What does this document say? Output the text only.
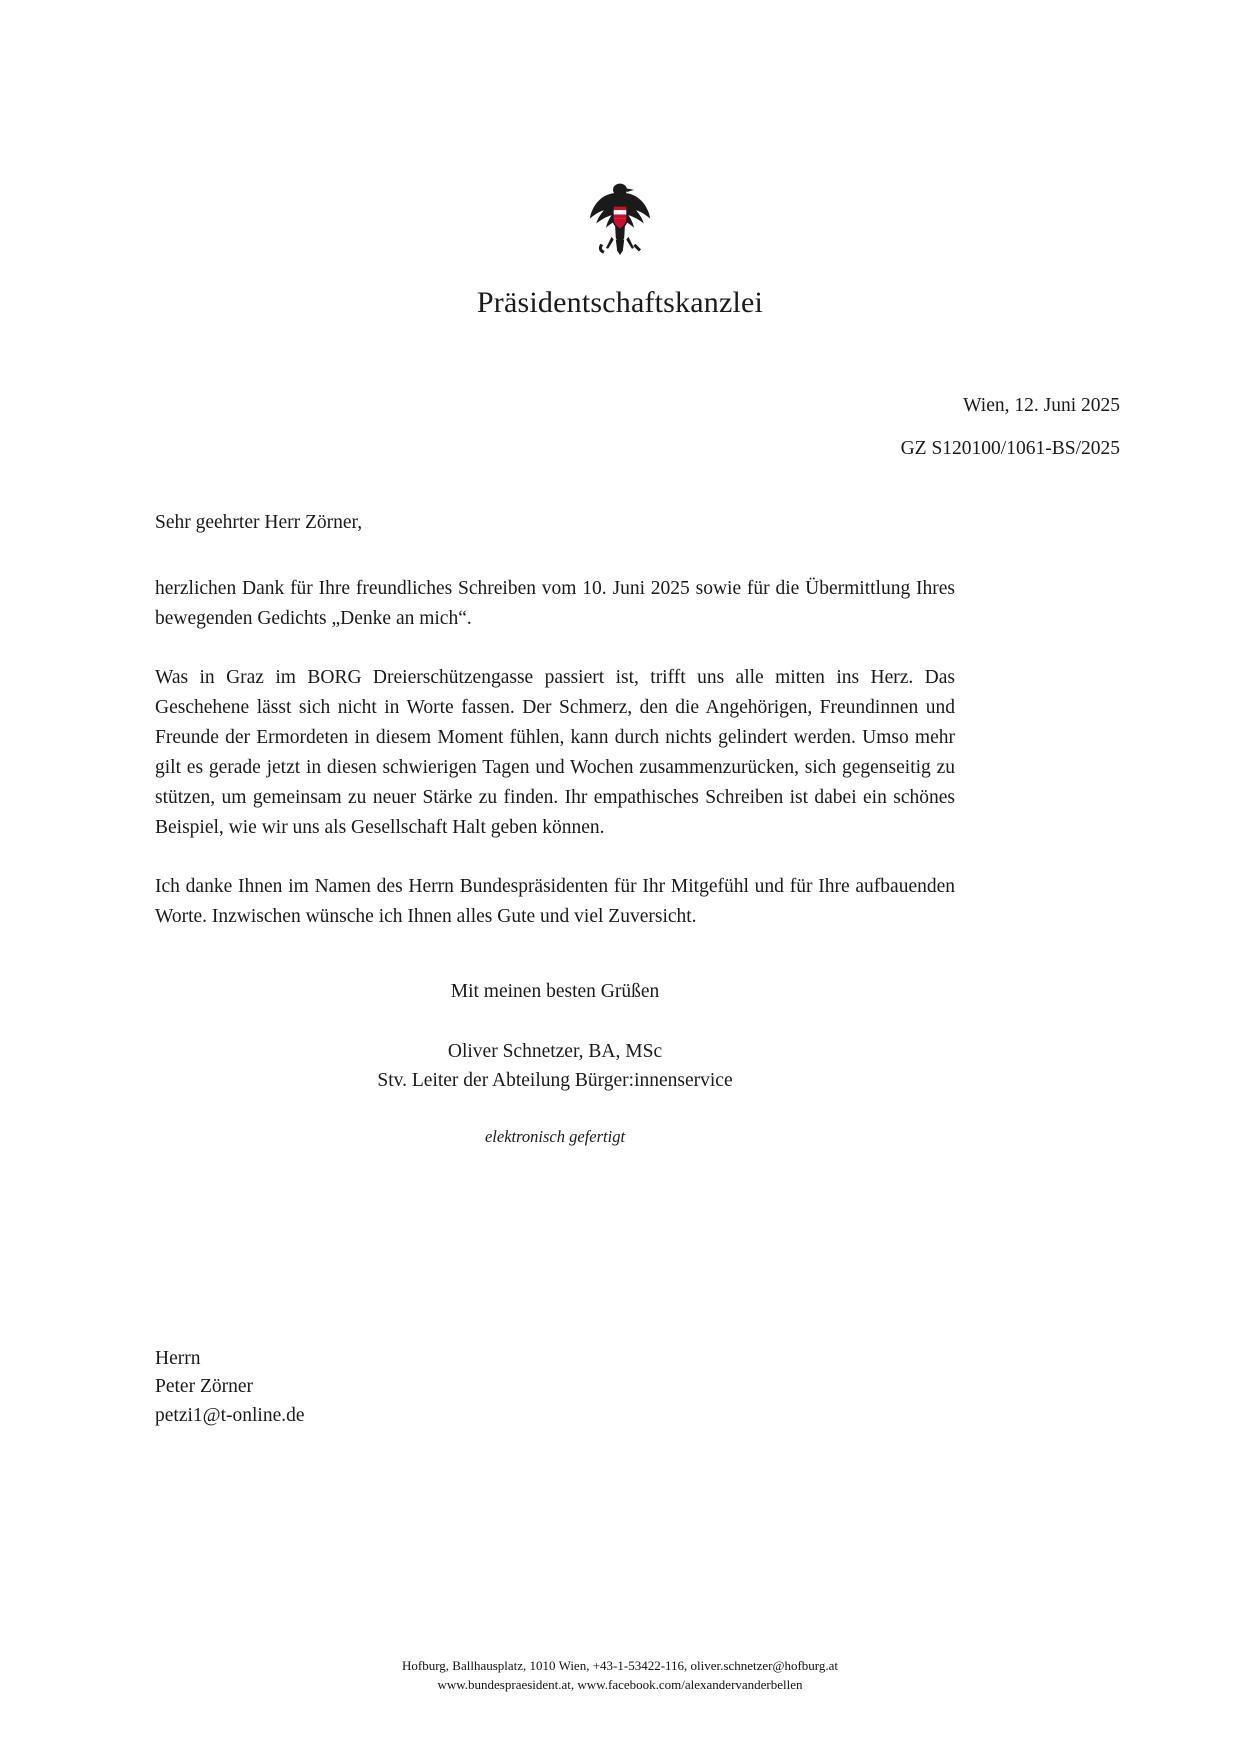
Präsidentschaftskanzlei
Wien, 12. Juni 2025
GZ S120100/1061-BS/2025

Sehr geehrter Herr Zörner,

herzlichen Dank für Ihre freundliches Schreiben vom 10. Juni 2025 sowie für die Übermittlung Ihres bewegenden Gedichts „Denke an mich“.

Was in Graz im BORG Dreierschützengasse passiert ist, trifft uns alle mitten ins Herz. Das Geschehene lässt sich nicht in Worte fassen. Der Schmerz, den die Angehörigen, Freundinnen und Freunde der Ermordeten in diesem Moment fühlen, kann durch nichts gelindert werden. Umso mehr gilt es gerade jetzt in diesen schwierigen Tagen und Wochen zusammenzurücken, sich gegenseitig zu stützen, um gemeinsam zu neuer Stärke zu finden. Ihr empathisches Schreiben ist dabei ein schönes Beispiel, wie wir uns als Gesellschaft Halt geben können.

Ich danke Ihnen im Namen des Herrn Bundespräsidenten für Ihr Mitgefühl und für Ihre aufbauenden Worte. Inzwischen wünsche ich Ihnen alles Gute und viel Zuversicht.

Mit meinen besten Grüßen
Oliver Schnetzer, BA, MSc
Stv. Leiter der Abteilung Bürger:innenservice
elektronisch gefertigt
Herrn
Peter Zörner
petzi1@t-online.de
Hofburg, Ballhausplatz, 1010 Wien, +43-1-53422-116, oliver.schnetzer@hofburg.at
www.bundespraesident.at, www.facebook.com/alexandervanderbellen
